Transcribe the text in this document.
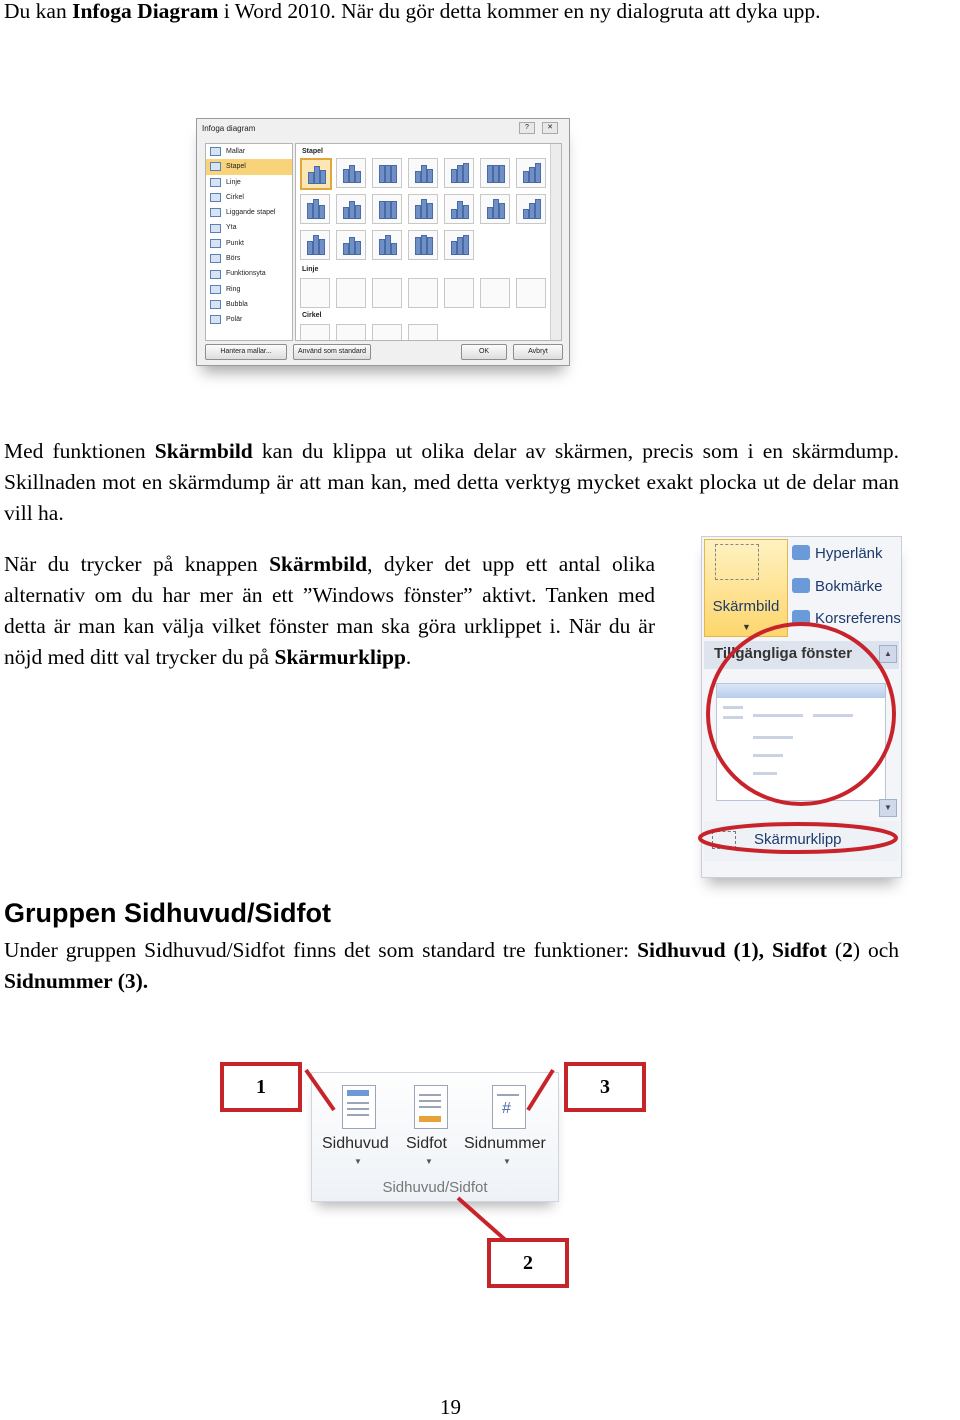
Du kan Infoga Diagram i Word 2010. När du gör detta kommer en ny dialogruta att dyka upp.
Infoga diagram	?	✕
Mallar
Stapel
Linje
Cirkel
Liggande stapel
Yta
Punkt
Börs
Funktionsyta
Ring
Bubbla
Polär
Stapel
Linje
Cirkel
Hantera mallar...	Använd som standard	OK	Avbryt
Med funktionen Skärmbild kan du klippa ut olika delar av skärmen, precis som i en skärmdump. Skillnaden mot en skärmdump är att man kan, med detta verktyg mycket exakt plocka ut de delar man vill ha.
När du trycker på knappen Skärmbild, dyker det upp ett antal olika alternativ om du har mer än ett ”Windows fönster” aktivt. Tanken med detta är man kan välja vilket fönster man ska göra urklippet i. När du är nöjd med ditt val trycker du på Skärmurklipp.
Skärmbild
▼
Hyperlänk
Bokmärke
Korsreferens
Tillgängliga fönster	▲
▼
Skärmurklipp
Gruppen Sidhuvud/Sidfot
Under gruppen Sidhuvud/Sidfot finns det som standard tre funktioner: Sidhuvud (1), Sidfot (2) och Sidnummer (3).
#
Sidhuvud Sidfot Sidnummer
▼	▼	▼
Sidhuvud/Sidfot
1	3
2
19
